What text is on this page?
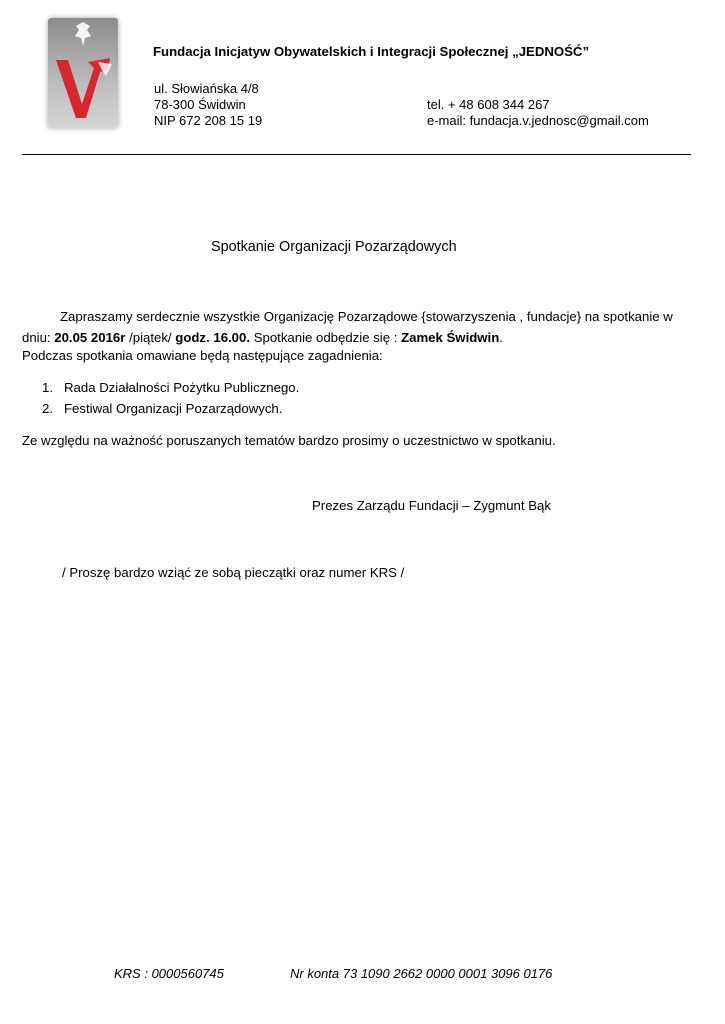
Fundacja Inicjatyw Obywatelskich i Integracji Społecznej „JEDNOŚĆ”
ul. Słowiańska 4/8
78-300 Świdwin
NIP 672 208 15 19
tel. + 48 608 344 267
e-mail: fundacja.v.jednosc@gmail.com
Spotkanie Organizacji Pozarządowych
Zapraszamy serdecznie wszystkie Organizację Pozarządowe {stowarzyszenia , fundacje} na spotkanie w dniu: 20.05 2016r /piątek/ godz. 16.00. Spotkanie odbędzie się : Zamek Świdwin.
Podczas spotkania omawiane będą następujące zagadnienia:
1. Rada Działalności Pożytku Publicznego.
2. Festiwal Organizacji Pozarządowych.
Ze względu na ważność poruszanych tematów bardzo prosimy o uczestnictwo w spotkaniu.
Prezes Zarządu Fundacji – Zygmunt Bąk
/ Proszę bardzo wziąć ze sobą pieczątki oraz numer KRS /
KRS : 0000560745	Nr konta 73 1090 2662 0000 0001 3096 0176
